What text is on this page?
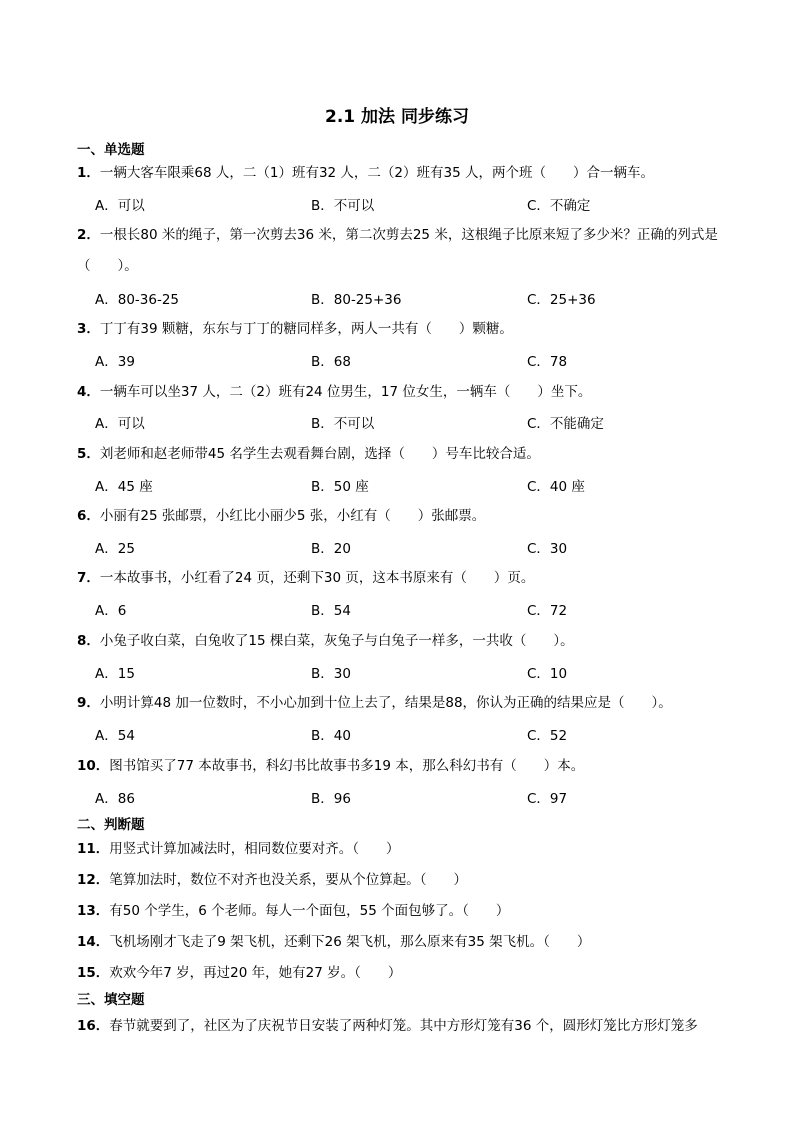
2.1 加法 同步练习
一、单选题
1．一辆大客车限乘68 人，二（1）班有32 人，二（2）班有35 人，两个班（　　）合一辆车。
A．可以	B．不可以	C．不确定
2．一根长80 米的绳子，第一次剪去36 米，第二次剪去25 米，这根绳子比原来短了多少米？正确的列式是（　　）。
A．80-36-25	B．80-25+36	C．25+36
3．丁丁有39 颗糖，东东与丁丁的糖同样多，两人一共有（　　）颗糖。
A．39	B．68	C．78
4．一辆车可以坐37 人，二（2）班有24 位男生，17 位女生，一辆车（　　）坐下。
A．可以	B．不可以	C．不能确定
5．刘老师和赵老师带45 名学生去观看舞台剧，选择（　　）号车比较合适。
A．45 座	B．50 座	C．40 座
6．小丽有25 张邮票，小红比小丽少5 张，小红有（　　）张邮票。
A．25	B．20	C．30
7．一本故事书，小红看了24 页，还剩下30 页，这本书原来有（　　）页。
A．6	B．54	C．72
8．小兔子收白菜，白兔收了15 棵白菜，灰兔子与白兔子一样多，一共收（　　）。
A．15	B．30	C．10
9．小明计算48 加一位数时，不小心加到十位上去了，结果是88，你认为正确的结果应是（　　）。
A．54	B．40	C．52
10．图书馆买了77 本故事书，科幻书比故事书多19 本，那么科幻书有（　　）本。
A．86	B．96	C．97
二、判断题
11．用竖式计算加减法时，相同数位要对齐。（　　）
12．笔算加法时，数位不对齐也没关系，要从个位算起。（　　）
13．有50 个学生，6 个老师。每人一个面包，55 个面包够了。（　　）
14．飞机场刚才飞走了9 架飞机，还剩下26 架飞机，那么原来有35 架飞机。（　　）
15．欢欢今年7 岁，再过20 年，她有27 岁。（　　）
三、填空题
16．春节就要到了，社区为了庆祝节日安装了两种灯笼。其中方形灯笼有36 个，圆形灯笼比方形灯笼多
